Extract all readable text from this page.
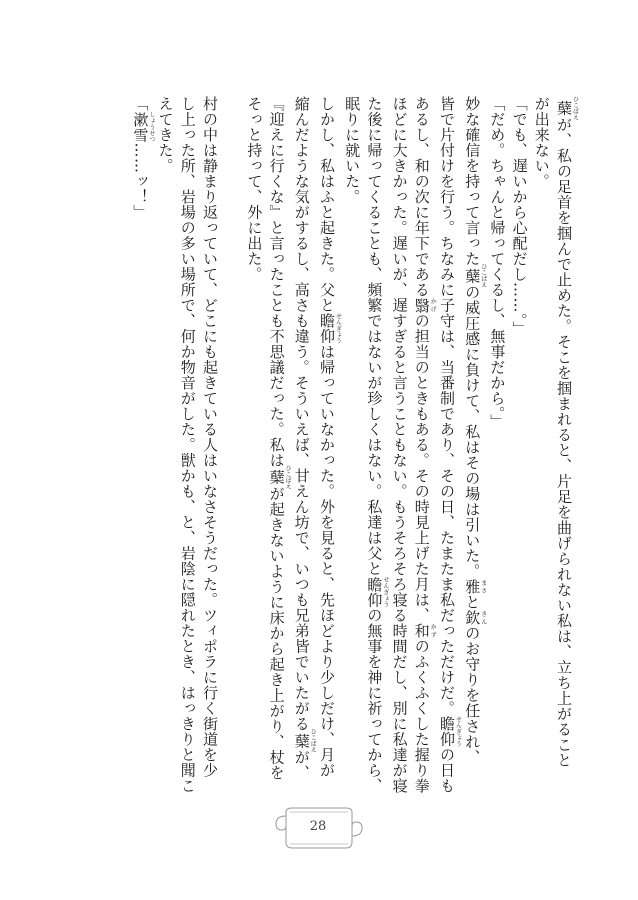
蘖ひこばえが、私の足首を掴んで止めた。そこを掴まれると、片足を曲げられない私は、立ち上がること
が出来ない。
「でも、遅いから心配だし……。」
「だめ。ちゃんと帰ってくるし、無事だから。」
妙な確信を持って言った蘖ひこばえの威圧感に負けて、私はその場は引いた。雅まさと欽きんのお守りを任され、
皆で片付けを行う。ちなみに子守は、当番制であり、その日、たまたま私だっただけだ。瞻仰せんぎょうの日も
あるし、和の次に年下である翳かげの担当のときもある。その時見上げた月は、和かずのふくふくした握り拳
ほどに大きかった。遅いが、遅すぎると言うこともない。もうそろそろ寝る時間だし、別に私達が寝
た後に帰ってくることも、頻繁ではないが珍しくはない。私達は父と瞻仰せんぎょうの無事を神に祈ってから、
眠りに就いた。
しかし、私はふと起きた。父と瞻仰せんぎょうは帰っていなかった。外を見ると、先ほどより少しだけ、月が
縮んだような気がするし、高さも違う。そういえば、甘えん坊で、いつも兄弟皆でいたがる蘖ひこばえが、
『迎えに行くな』と言ったことも不思議だった。私は蘖ひこばえが起きないように床から起き上がり、杖を
そっと持って、外に出た。
村の中は静まり返っていて、どこにも起きている人はいなさそうだった。ツィポラに行く街道を少
し上った所、岩場の多い場所で、何か物音がした。獣かも、と、岩陰に隠れたとき、はっきりと聞こ
えてきた。
「漱雪しょうせつ……ッ！」
28
